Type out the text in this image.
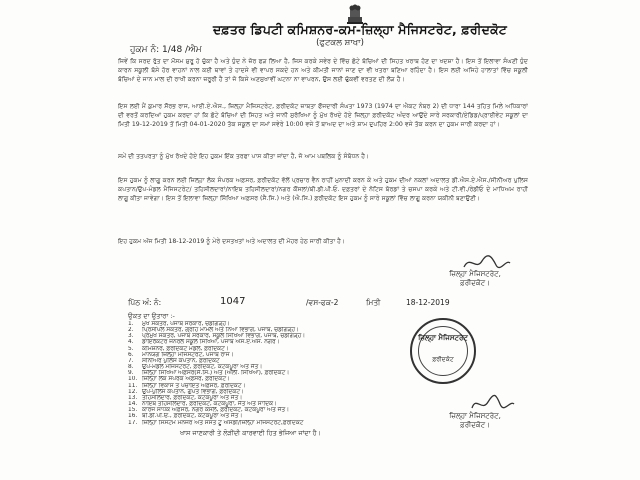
ਦਫ਼ਤਰ ਡਿਪਟੀ ਕਮਿਸ਼ਨਰ-ਕਮ-ਜ਼ਿਲ੍ਹਾ ਮੈਜਿਸਟਰੇਟ, ਫ਼ਰੀਦਕੋਟ
(ਫੁਟਕਲ ਸ਼ਾਖਾ)
ਹੁਕਮ ਨੰ: 1/48 /ਐਮ
ਜਿਵੇਂ ਕਿ ਸਰਦ ਰੁੱਤ ਦਾ ਮੌਸਮ ਸ਼ੁਰੂ ਹੋ ਚੁੱਕਾ ਹੈ ਅਤੇ ਧੁੰਦ ਨੇ ਜ਼ੋਰ ਫੜ ਲਿਆ ਹੈ, ਜਿਸ ਕਰਕੇ ਸਵੇਰ ਦੇ ਵਿੱਚ ਛੋਟੇ ਬੱਚਿਆਂ ਦੀ ਸਿਹਤ ਖਰਾਬ ਹੋਣ ਦਾ ਖਦਸ਼ਾ ਹੈ। ਇਸ ਤੋਂ ਇਲਾਵਾ ਸੰਘਣੀ ਧੁੰਦ ਕਾਰਨ ਸਕੂਲੀ ਬੱਸੇ ਹੋਰ ਵਾਹਨਾਂ ਨਾਲ ਕਈ ਥਾਵਾਂ ਤੇ ਹਾਦਸੇ ਵੀ ਵਾਪਰ ਸਕਦੇ ਹਨ ਅਤੇ ਕੀਮਤੀ ਜਾਨਾਂ ਜਾਣ ਦਾ ਵੀ ਖਤਰਾ ਬਣਿਆ ਰਹਿੰਦਾ ਹੈ। ਇਸ ਲਈ ਅਜਿਹੇ ਹਾਲਾਤਾਂ ਵਿੱਚ ਸਕੂਲੀ ਬੱਚਿਆਂ ਦੇ ਜਾਨ ਮਾਲ ਦੀ ਰਾਖੀ ਕਰਨਾ ਜ਼ਰੂਰੀ ਹੈ ਤਾਂ ਜੋ ਕਿਸੇ ਅਣਸੁਖਾਵੀਂ ਘਟਨਾ ਨਾ ਵਾਪਰਨ, ਉਸ ਲਈ ਢੁੱਕਵੀਂ ਵਰਤਣ ਦੀ ਲੋੜ ਹੈ।
ਇਸ ਲਈ ਮੈਂ ਕੁਮਾਰ ਸੌਰਭ ਰਾਜ, ਆਈ.ਏ.ਐਸ., ਜ਼ਿਲ੍ਹਾ ਮੈਜਿਸਟਰੇਟ, ਫ਼ਰੀਦਕੋਟ ਜ਼ਾਬਤਾ ਫੌਜਦਾਰੀ ਸੰਘਤਾ 1973 (1974 ਦਾ ਐਕਟ ਨੰਬਰ 2) ਦੀ ਧਾਰਾ 144 ਤਹਿਤ ਮਿਲੇ ਅਧਿਕਾਰਾਂ ਦੀ ਵਰਤੋਂ ਕਰਦਿਆਂ ਹੁਕਮ ਕਰਦਾ ਹਾਂ ਕਿ ਛੋਟੇ ਬੱਚਿਆਂ ਦੀ ਸਿਹਤ ਅਤੇ ਜਾਨੀ ਸੁਰੱਖਿਆ ਨੂੰ ਮੁੱਖ ਰੱਖਦੇ ਹੋਏ ਜ਼ਿਲ੍ਹਾ ਫ਼ਰੀਦਕੋਟ ਅੰਦਰ ਆਉਂਦੇ ਸਾਰੇ ਸਰਕਾਰੀ/ਏਡਿਡ/ਪ੍ਰਾਈਵੇਟ ਸਕੂਲਾਂ ਦਾ ਮਿਤੀ 19-12-2019 ਤੋਂ ਮਿਤੀ 04-01-2020 ਤੱਕ ਸਕੂਲ ਦਾ ਸਮਾਂ ਸਵੇਰੇ 10:00 ਵਜੇ ਤੋਂ ਬਾਅਦ ਦਾ ਅਤੇ ਸ਼ਾਮ ਦੁਪਹਿਰ 2:00 ਵਜੇ ਤੱਕ ਕਰਨ ਦਾ ਹੁਕਮ ਜਾਰੀ ਕਰਦਾ ਹਾਂ।
ਸਮੇਂ ਦੀ ਤਤਪਰਤਾ ਨੂੰ ਮੁੱਖ ਰੱਖਦੇ ਹੋਏ ਇਹ ਹੁਕਮ ਇੱਕ ਤਰਫਾ ਪਾਸ ਕੀਤਾ ਜਾਂਦਾ ਹੈ, ਜੋ ਆਮ ਪਬਲਿਕ ਨੂੰ ਸੰਬੋਧਨ ਹੈ।
ਇਸ ਹੁਕਮ ਨੂੰ ਲਾਗੂ ਕਰਨ ਲਈ ਜ਼ਿਲ੍ਹਾ ਲੋਕ ਸੰਪਰਕ ਅਫ਼ਸਰ, ਫ਼ਰੀਦਕੋਟ ਵੱਲੋਂ ਪ੍ਰਚਾਰ ਵੈਨ ਰਾਹੀਂ ਮੁਨਾਦੀ ਕਰਨ ਕੇ ਅਤੇ ਹੁਕਮ ਦੀਆਂ ਨਕਲਾਂ ਅਦਾਲਤ ਡੀ.ਐਸ.ਏ.ਐਸ./ਸੀਨੀਅਰ ਪੁਲਿਸ ਕਪਤਾਨ/ਉਪ-ਮੰਡਲ ਮੈਜਿਸਟਰੇਟ/ ਤਹਿਸੀਲਦਾਰਾਂ/ਨਾਇਬ ਤਹਿਸੀਲਦਾਰਾਂ/ਨਗਰ ਕੌਂਸਲਾਂ/ਬੀ.ਡੀ.ਪੀ.ਓ. ਦਫ਼ਤਰਾਂ ਦੇ ਨੋਟਿਸ ਬੋਰਡਾਂ ਤੇ ਚਸਪਾ ਕਰਕੇ ਅਤੇ ਟੀ.ਵੀ./ਰੇਡੀਓ ਦੇ ਮਾਧਿਅਮ ਰਾਹੀਂ ਲਾਗੂ ਕੀਤਾ ਜਾਵੇਗਾ। ਇਸ ਤੋਂ ਇਲਾਵਾ ਜ਼ਿਲ੍ਹਾ ਸਿੱਖਿਆ ਅਫ਼ਸਰ (ਸੈ.ਸਿ.) ਅਤੇ (ਐ.ਸਿ.) ਫ਼ਰੀਦਕੋਟ ਇਸ ਹੁਕਮ ਨੂੰ ਸਾਰੇ ਸਕੂਲਾਂ ਵਿੱਚ ਲਾਗੂ ਕਰਨਾ ਯਕੀਨੀ ਬਣਾਉਣੀ।
ਇਹ ਹੁਕਮ ਅੱਜ ਮਿਤੀ 18-12-2019 ਨੂੰ ਮੇਰੇ ਦਸਤਖਤਾਂ ਅਤੇ ਅਦਾਲਤ ਦੀ ਮੋਹਰ ਹੇਠ ਜਾਰੀ ਕੀਤਾ ਹੈ।
ਜ਼ਿਲ੍ਹਾ ਮੈਜਿਸਟਰੇਟ,
ਫ਼ਰੀਦਕੋਟ।
ਪਿੱਠ ਅੰ: ਨੰ:	1047	/ਵਸ-ਫਕ-2	ਮਿਤੀ	18-12-2019
ਉਕਤ ਦਾ ਉਤਾਰਾ :-
1. ਮੁੱਖ ਸਕੱਤਰ, ਪੰਜਾਬ ਸਰਕਾਰ, ਚੰਡੀਗੜ੍ਹ।
2. ਪ੍ਰਿੰਸੀਪਲ ਸਕੱਤਰ, ਗ੍ਰਹਿ ਮਾਮਲੇ ਅਤੇ ਨਿਆਂ ਵਿਭਾਗ, ਪੰਜਾਬ, ਚੰਡੀਗੜ੍ਹ।
3. ਪ੍ਰਮੁੱਖ ਸਕੱਤਰ, ਪੰਜਾਬ ਸਰਕਾਰ, ਸਕੂਲ ਸਿੱਖਿਆ ਵਿਭਾਗ, ਪੰਜਾਬ, ਚੰਡੀਗੜ੍ਹ।
4. ਡਾਇਰੈਕਟਰ ਜਨਰਲ ਸਕੂਲ ਸਿੱਖਿਆ, ਪੰਜਾਬ ਐਸ.ਏ.ਐਸ. ਨਗਰ।
5. ਕਮਿਸ਼ਨਰ, ਫ਼ਰੀਦਕੋਟ ਮੰਡਲ, ਫ਼ਰੀਦਕੋਟ।
6. ਮਾਨਯੋਗ ਜ਼ਿਲ੍ਹਾ ਮੈਜਿਸਟਰੇਟ, ਪੰਜਾਬ ਰਾਜ।
7. ਸੀਨੀਅਰ ਪੁਲਿਸ ਕਪਤਾਨ, ਫ਼ਰੀਦਕੋਟ
8. ਉਪ-ਮੰਡਲ ਮੈਜਿਸਟਰੇਟ, ਫ਼ਰੀਦਕੋਟ, ਕੋਟਕਪੂਰਾ ਅਤੇ ਜੈਤੋ।
9. ਜ਼ਿਲ੍ਹਾ ਸਿੱਖਿਆ ਅਫ਼ਸਰ(ਸੈ.ਸਿ.) ਅਤੇ (ਐਲੀ. ਸਿੱਖਿਆ), ਫ਼ਰੀਦਕੋਟ।
10. ਜ਼ਿਲ੍ਹਾ ਲੋਕ ਸੰਪਰਕ ਅਫ਼ਸਰ, ਫ਼ਰੀਦਕੋਟ।
11. ਜ਼ਿਲ੍ਹਾ ਵਿਕਾਸ ਤੇ ਪੰਚਾਇਤ ਅਫ਼ਸਰ, ਫ਼ਰੀਦਕੋਟ।
12. ਉਪ-ਪੁਲਿਸ ਕਪਤਾਨ, ਗੁਪਤ ਵਿਭਾਗ, ਫ਼ਰੀਦਕੋਟ।
13. ਤਹਿਸੀਲਦਾਰ, ਫ਼ਰੀਦਕੋਟ, ਕੋਟਕਪੂਰਾ ਅਤੇ ਜੈਤੋ।
14. ਨਾਇਬ ਤਹਿਸੀਲਦਾਰ, ਫ਼ਰੀਦਕੋਟ, ਕੋਟਕਪੂਰਾ, ਜੈਤੋ ਅਤੇ ਸਾਦਿਕ।
15. ਕਾਰਜ ਸਾਧਕ ਅਫ਼ਸਰ, ਨਗਰ ਕੌਂਸਲ, ਫ਼ਰੀਦਕੋਟ, ਕੋਟਕਪੂਰਾ ਅਤੇ ਜੈਤੋ।
16. ਬੀ.ਡੀ.ਪੀ.ਓ., ਫ਼ਰੀਦਕੋਟ, ਕੋਟਕਪੂਰਾ ਅਤੇ ਜੈਤੋ।
17. ਜ਼ਿਲ੍ਹਾ ਸਿਸਟਮ ਮੈਨੇਜਰ ਅਤੇ ਸਸਤ ਟੂ ਐਸਡੀ/ਜ਼ਿਲ੍ਹਾ ਮੈਜਿਸਟਰੇਟ,ਫ਼ਰੀਦਕੋਟ
ਜ਼ਿਲ੍ਹਾ ਮੈਜਿਸਟਰੇਟ
ਫ਼ਰੀਦਕੋਟ
ਜ਼ਿਲ੍ਹਾ ਮੈਜਿਸਟਰੇਟ,
ਫ਼ਰੀਦਕੋਟ।
ਖਾਸ ਜਾਣਕਾਰੀ ਤੇ ਲੋੜੀਂਦੀ ਕਾਰਵਾਈ ਹਿਤ ਭੇਜਿਆ ਜਾਂਦਾ ਹੈ।
